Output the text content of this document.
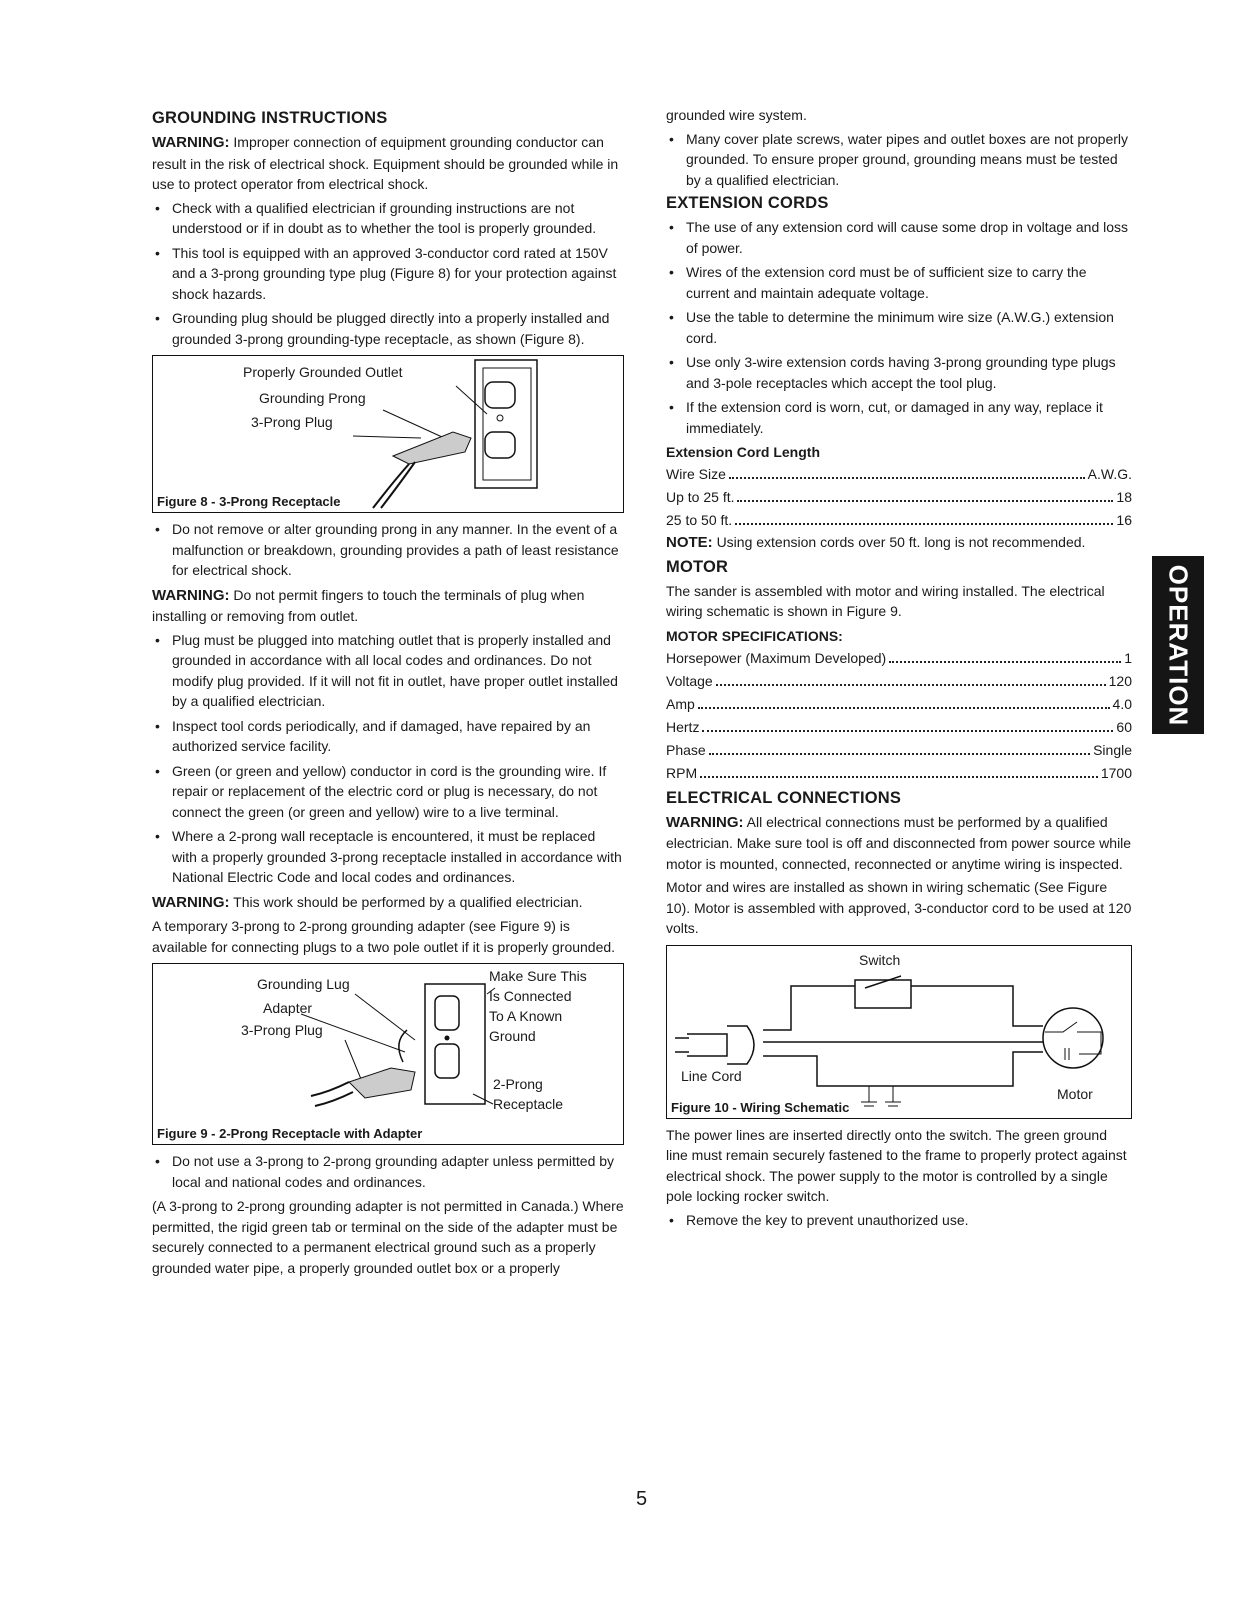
GROUNDING INSTRUCTIONS

WARNING: Improper connection of equipment grounding conductor can result in the risk of electrical shock. Equipment should be grounded while in use to protect operator from electrical shock.

• Check with a qualified electrician if grounding instructions are not understood or if in doubt as to whether the tool is properly grounded.
• This tool is equipped with an approved 3-conductor cord rated at 150V and a 3-prong grounding type plug (Figure 8) for your protection against shock hazards.
• Grounding plug should be plugged directly into a properly installed and grounded 3-prong grounding-type receptacle, as shown (Figure 8).
Properly Grounded Outlet
Grounding Prong
3-Prong Plug
Figure 8 - 3-Prong Receptacle
• Do not remove or alter grounding prong in any manner. In the event of a malfunction or breakdown, grounding provides a path of least resistance for electrical shock.

WARNING: Do not permit fingers to touch the terminals of plug when installing or removing from outlet.

• Plug must be plugged into matching outlet that is properly installed and grounded in accordance with all local codes and ordinances. Do not modify plug provided. If it will not fit in outlet, have proper outlet installed by a qualified electrician.
• Inspect tool cords periodically, and if damaged, have repaired by an authorized service facility.
• Green (or green and yellow) conductor in cord is the grounding wire. If repair or replacement of the electric cord or plug is necessary, do not connect the green (or green and yellow) wire to a live terminal.
• Where a 2-prong wall receptacle is encountered, it must be replaced with a properly grounded 3-prong receptacle installed in accordance with National Electric Code and local codes and ordinances.

WARNING: This work should be performed by a qualified electrician.

A temporary 3-prong to 2-prong grounding adapter (see Figure 9) is available for connecting plugs to a two pole outlet if it is properly grounded.

Grounding Lug
Adapter
3-Prong Plug
Make Sure This
Is Connected
To A Known
Ground
2-Prong
Receptacle
Figure 9 - 2-Prong Receptacle with Adapter
• Do not use a 3-prong to 2-prong grounding adapter unless permitted by local and national codes and ordinances.

(A 3-prong to 2-prong grounding adapter is not permitted in Canada.) Where permitted, the rigid green tab or terminal on the side of the adapter must be securely connected to a permanent electrical ground such as a properly grounded water pipe, a properly grounded outlet box or a properly

grounded wire system.

• Many cover plate screws, water pipes and outlet boxes are not properly grounded. To ensure proper ground, grounding means must be tested by a qualified electrician.
EXTENSION CORDS
• The use of any extension cord will cause some drop in voltage and loss of power.
• Wires of the extension cord must be of sufficient size to carry the current and maintain adequate voltage.
• Use the table to determine the minimum wire size (A.W.G.) extension cord.
• Use only 3-wire extension cords having 3-prong grounding type plugs and 3-pole receptacles which accept the tool plug.
• If the extension cord is worn, cut, or damaged in any way, replace it immediately.
Extension Cord Length
Wire Size	A.W.G.
Up to 25 ft.	18
25 to 50 ft.	16

NOTE: Using extension cords over 50 ft. long is not recommended.

MOTOR

The sander is assembled with motor and wiring installed. The electrical wiring schematic is shown in Figure 9.

MOTOR SPECIFICATIONS:
Horsepower (Maximum Developed)	1
Voltage	120
Amp	4.0
Hertz	60
Phase	Single
RPM	1700
ELECTRICAL CONNECTIONS

WARNING: All electrical connections must be performed by a qualified electrician. Make sure tool is off and disconnected from power source while motor is mounted, connected, reconnected or anytime wiring is inspected.

Motor and wires are installed as shown in wiring schematic (See Figure 10). Motor is assembled with approved, 3-conductor cord to be used at 120 volts.

Switch
Line Cord
Motor
Figure 10 - Wiring Schematic

The power lines are inserted directly onto the switch. The green ground line must remain securely fastened to the frame to properly protect against electrical shock. The power supply to the motor is controlled by a single pole locking rocker switch.

• Remove the key to prevent unauthorized use.
OPERATION
5
